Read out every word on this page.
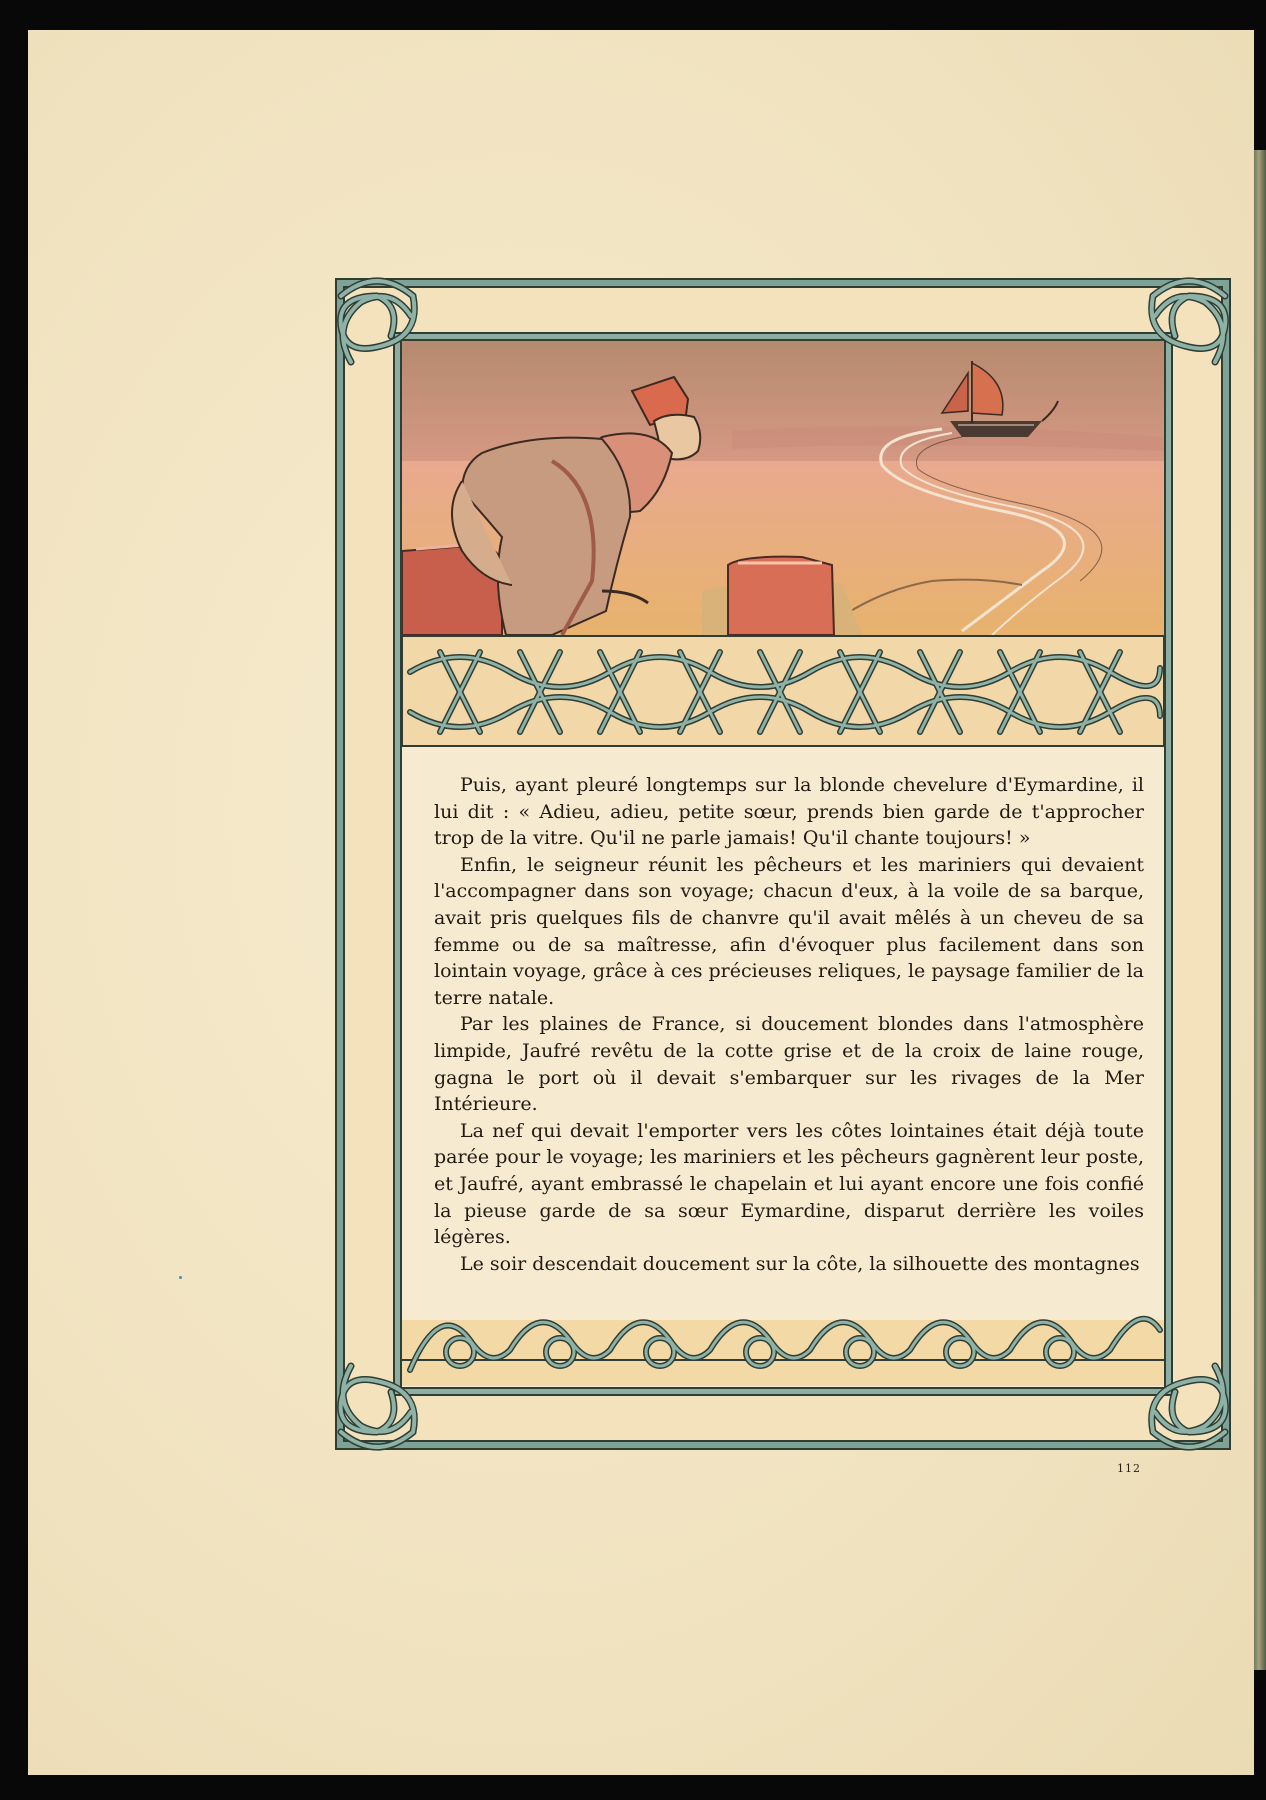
Puis, ayant pleuré longtemps sur la blonde chevelure d'Eymardine, il lui dit : « Adieu, adieu, petite sœur, prends bien garde de t'approcher trop de la vitre. Qu'il ne parle jamais! Qu'il chante toujours! »

Enfin, le seigneur réunit les pêcheurs et les mariniers qui devaient l'accompagner dans son voyage; chacun d'eux, à la voile de sa barque, avait pris quelques fils de chanvre qu'il avait mêlés à un cheveu de sa femme ou de sa maîtresse, afin d'évoquer plus facilement dans son lointain voyage, grâce à ces précieuses reliques, le paysage familier de la terre natale.

Par les plaines de France, si doucement blondes dans l'atmosphère limpide, Jaufré revêtu de la cotte grise et de la croix de laine rouge, gagna le port où il devait s'embarquer sur les rivages de la Mer Intérieure.

La nef qui devait l'emporter vers les côtes lointaines était déjà toute parée pour le voyage; les mariniers et les pêcheurs gagnèrent leur poste, et Jaufré, ayant embrassé le chapelain et lui ayant encore une fois confié la pieuse garde de sa sœur Eymardine, disparut derrière les voiles légères.

Le soir descendait doucement sur la côte, la silhouette des montagnes

112
